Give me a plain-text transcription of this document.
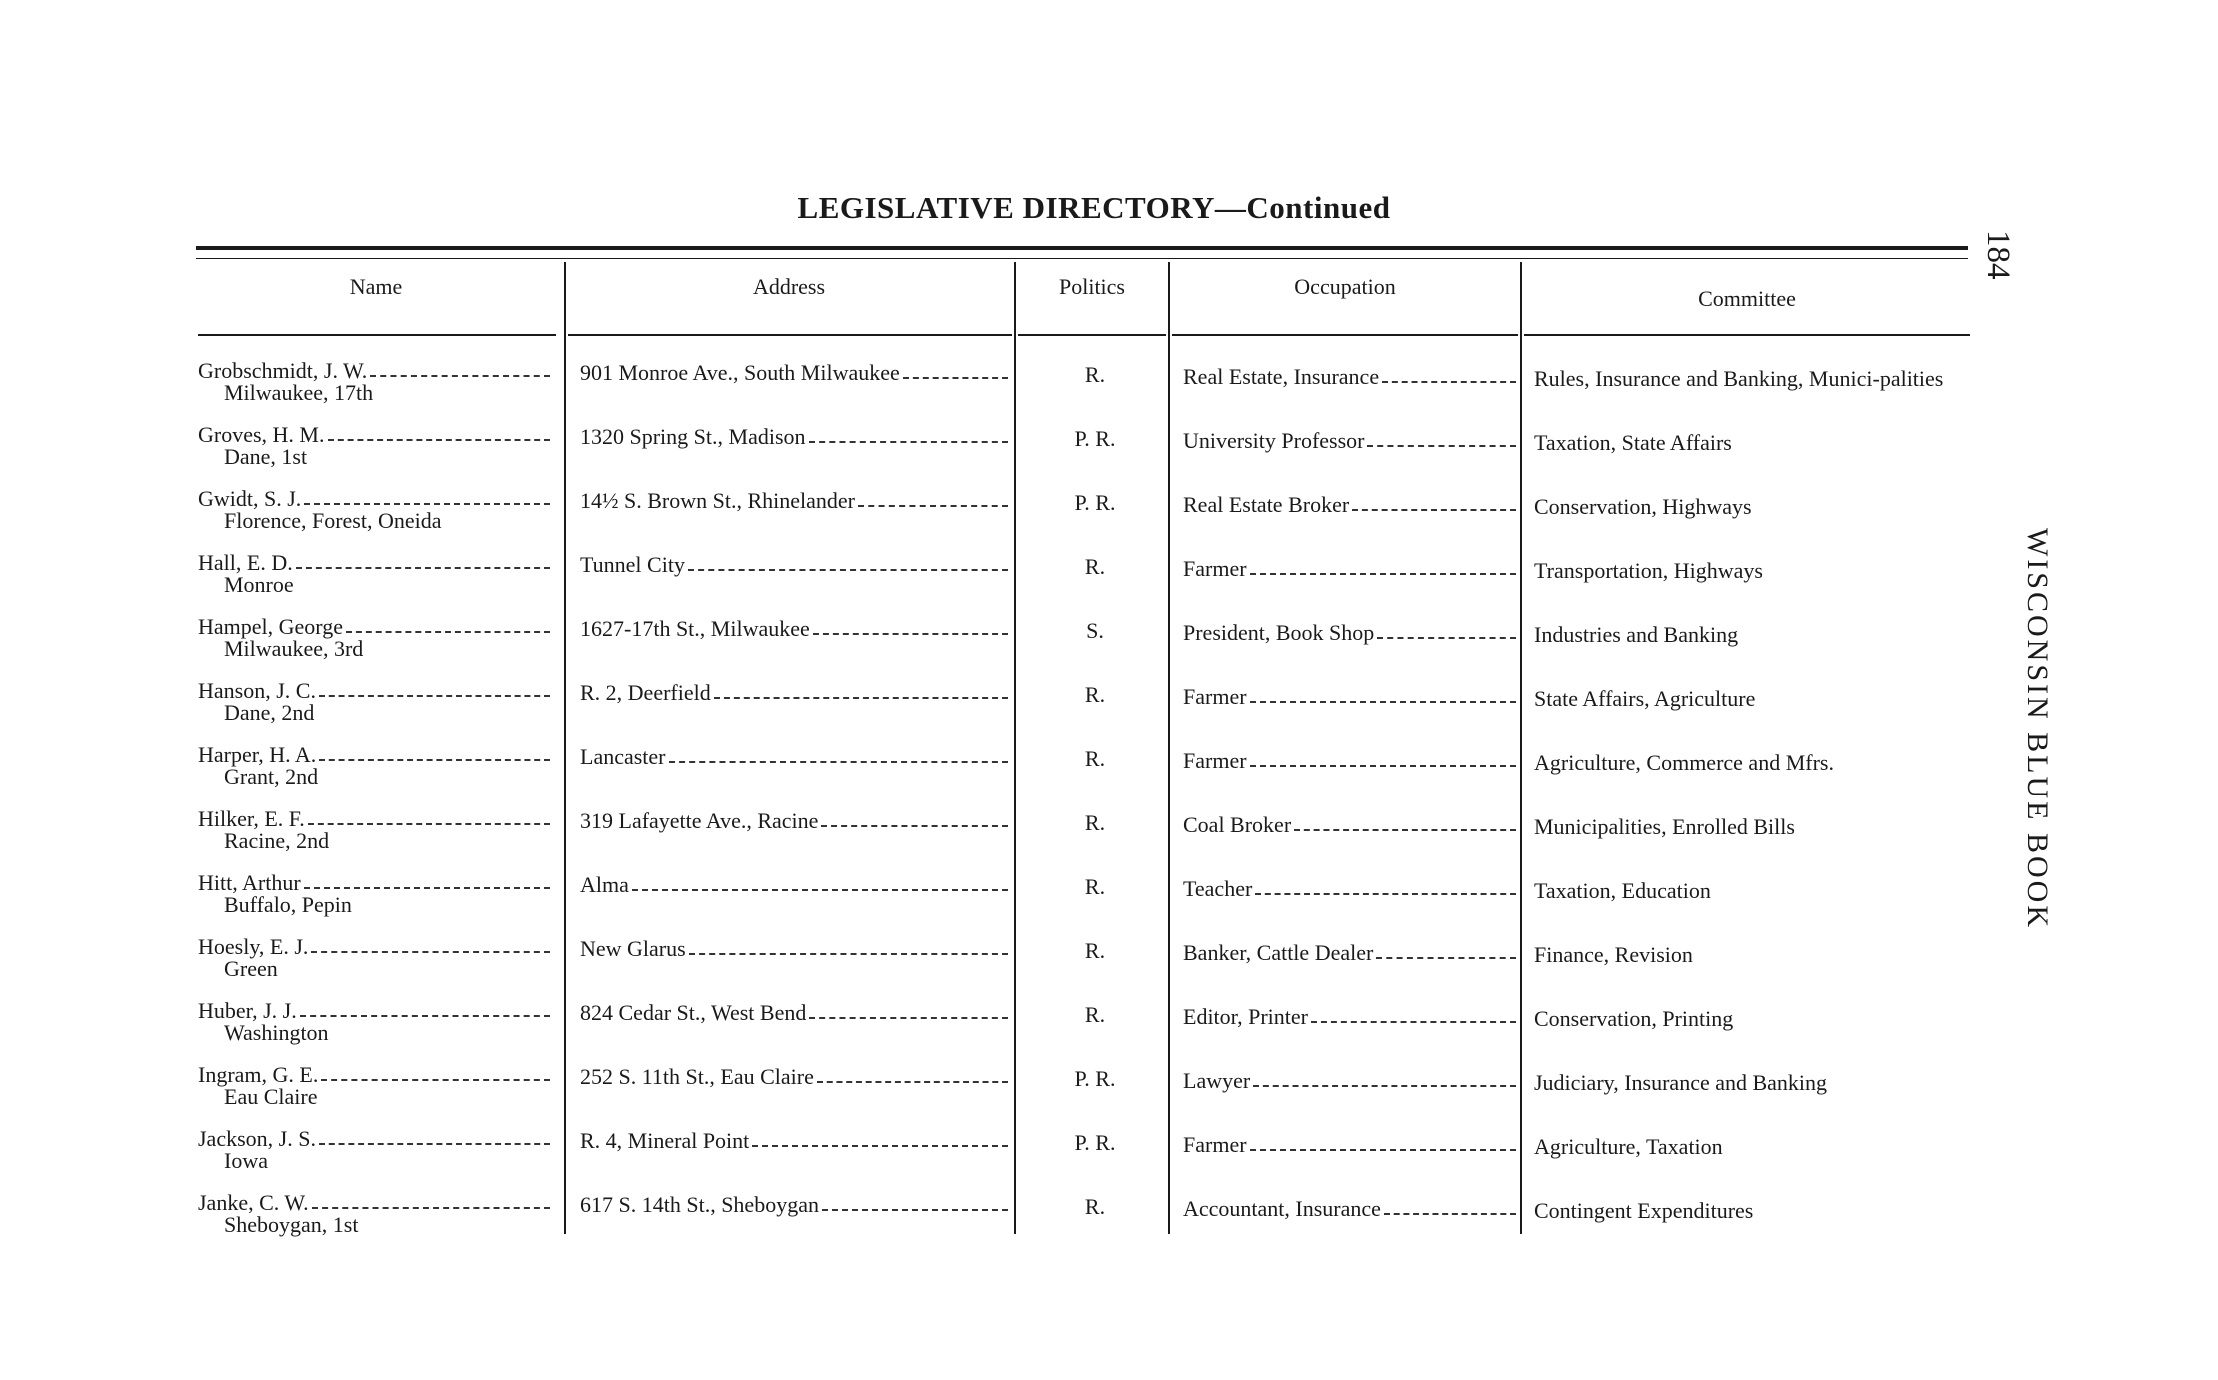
LEGISLATIVE DIRECTORY—Continued
Name	Address	Politics	Occupation	Committee
Grobschmidt, J. W.
Milwaukee, 17th
901 Monroe Ave., South Milwaukee	R.	Real Estate, Insurance	Rules, Insurance and Banking, Munici-palities
Groves, H. M.
Dane, 1st
1320 Spring St., Madison	P. R.	University Professor	Taxation, State Affairs
Gwidt, S. J.
Florence, Forest, Oneida
14½ S. Brown St., Rhinelander	P. R.	Real Estate Broker	Conservation, Highways
Hall, E. D.
Monroe
Tunnel City	R.	Farmer	Transportation, Highways
Hampel, George
Milwaukee, 3rd
1627-17th St., Milwaukee	S.	President, Book Shop	Industries and Banking
Hanson, J. C.
Dane, 2nd
R. 2, Deerfield	R.	Farmer	State Affairs, Agriculture
Harper, H. A.
Grant, 2nd
Lancaster	R.	Farmer	Agriculture, Commerce and Mfrs.
Hilker, E. F.
Racine, 2nd
319 Lafayette Ave., Racine	R.	Coal Broker	Municipalities, Enrolled Bills
Hitt, Arthur
Buffalo, Pepin
Alma	R.	Teacher	Taxation, Education
Hoesly, E. J.
Green
New Glarus	R.	Banker, Cattle Dealer	Finance, Revision
Huber, J. J.
Washington
824 Cedar St., West Bend	R.	Editor, Printer	Conservation, Printing
Ingram, G. E.
Eau Claire
252 S. 11th St., Eau Claire	P. R.	Lawyer	Judiciary, Insurance and Banking
Jackson, J. S.
Iowa
R. 4, Mineral Point	P. R.	Farmer	Agriculture, Taxation
Janke, C. W.
Sheboygan, 1st
617 S. 14th St., Sheboygan	R.	Accountant, Insurance	Contingent Expenditures
184
WISCONSIN BLUE BOOK
